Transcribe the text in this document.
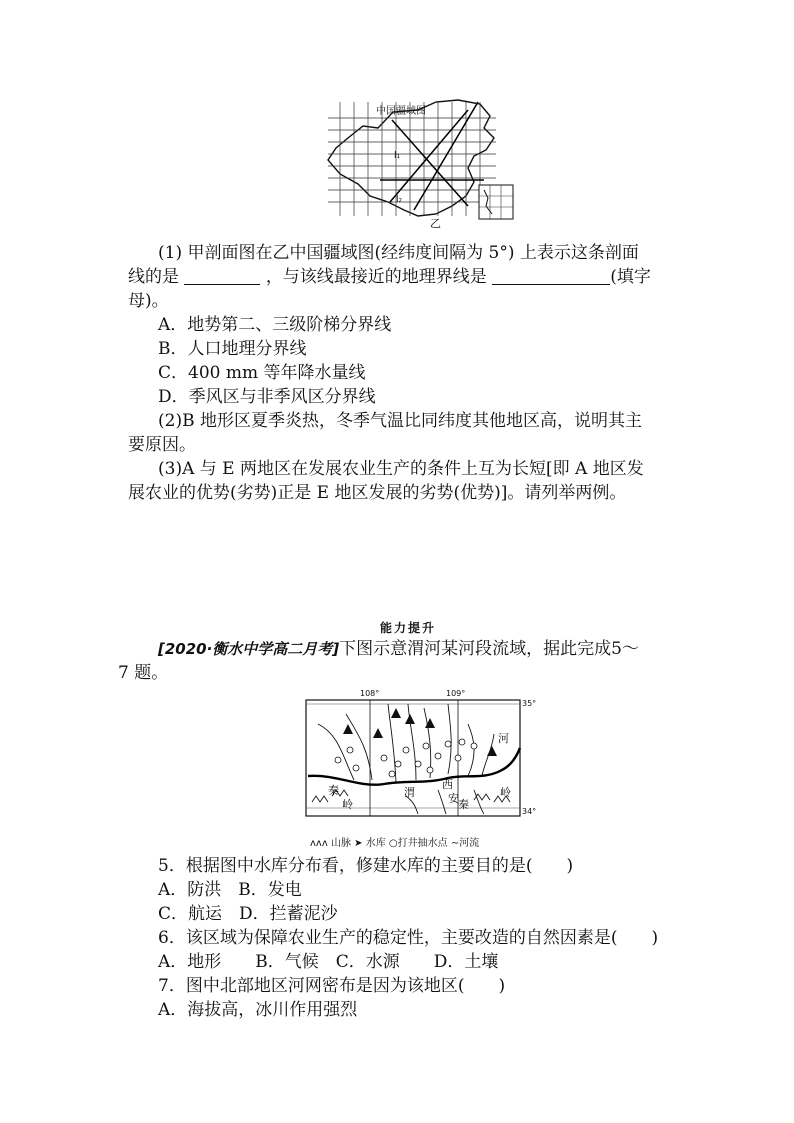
中国疆域图
l₁
l₂
乙
(1) 甲剖面图在乙中国疆域图(经纬度间隔为 5°) 上表示这条剖面
线的是	，与该线最接近的地理界线是	(填字
母)。
A．地势第二、三级阶梯分界线
B．人口地理分界线
C．400 mm 等年降水量线
D．季风区与非季风区分界线
(2)B 地形区夏季炎热，冬季气温比同纬度其他地区高，说明其主
要原因。
(3)A 与 E 两地区在发展农业生产的条件上互为长短[即 A 地区发
展农业的优势(劣势)正是 E 地区发展的劣势(优势)]。请列举两例。
能力提升
[2020·衡水中学高二月考]下图示意渭河某河段流域，据此完成5～
7 题。
108°	109°
35°
34°
河
渭
西
安
秦
岭	秦
岭
ʌʌʌ 山脉 ➤ 水库 ○打井抽水点 ∼河流
5．根据图中水库分布看，修建水库的主要目的是(　　)
A．防洪　B．发电
C．航运　D．拦蓄泥沙
6．该区域为保障农业生产的稳定性，主要改造的自然因素是(　　)
A．地形　　B．气候　C．水源　　D．土壤
7．图中北部地区河网密布是因为该地区(　　)
A．海拔高，冰川作用强烈
